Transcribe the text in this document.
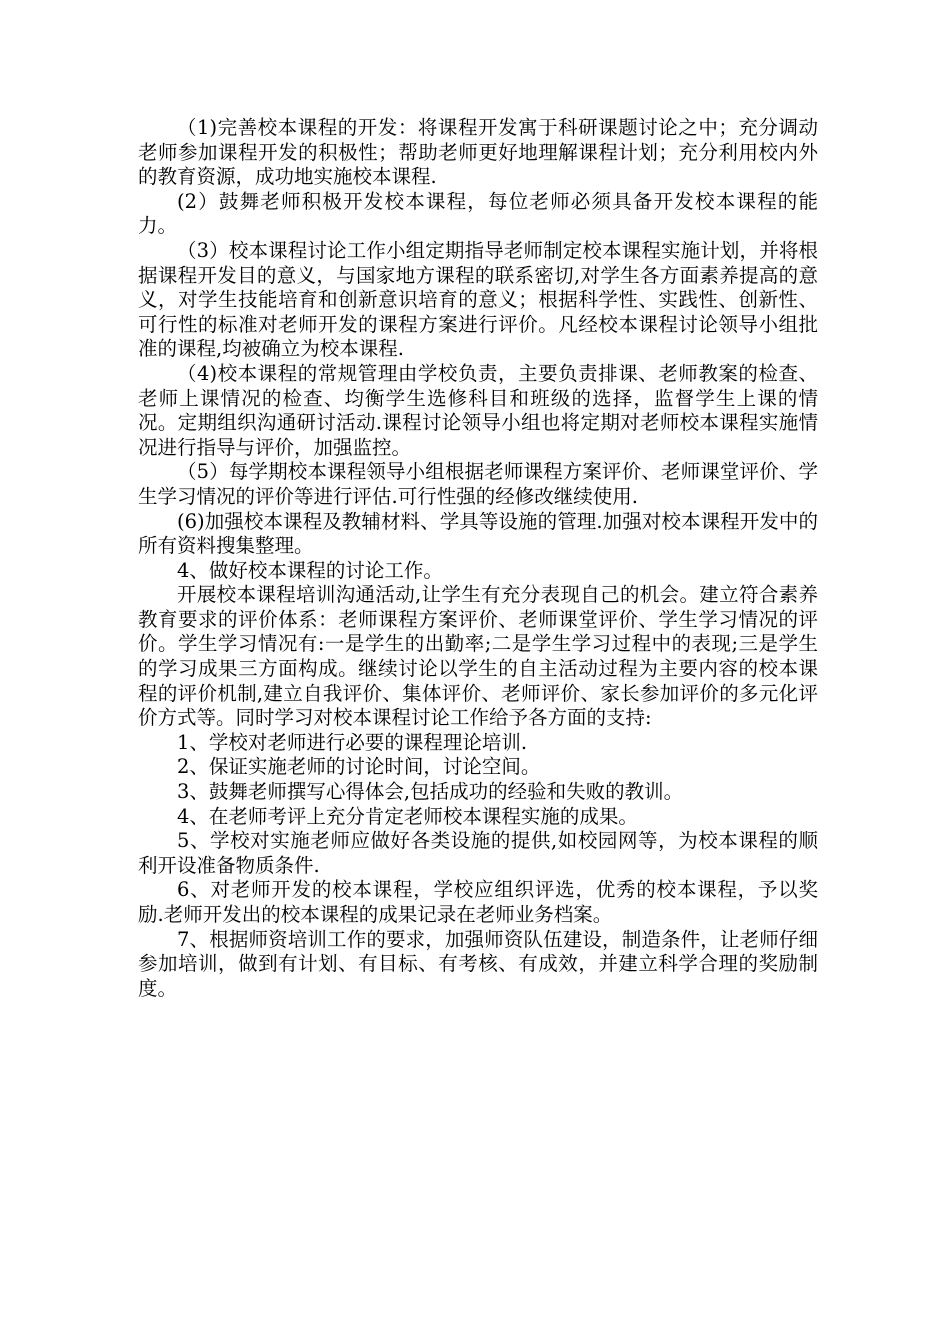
（1)完善校本课程的开发：将课程开发寓于科研课题讨论之中；充分调动老师参加课程开发的积极性；帮助老师更好地理解课程计划；充分利用校内外的教育资源，成功地实施校本课程.

(2）鼓舞老师积极开发校本课程，每位老师必须具备开发校本课程的能力。

（3）校本课程讨论工作小组定期指导老师制定校本课程实施计划，并将根据课程开发目的意义，与国家地方课程的联系密切,对学生各方面素养提高的意义，对学生技能培育和创新意识培育的意义；根据科学性、实践性、创新性、可行性的标准对老师开发的课程方案进行评价。凡经校本课程讨论领导小组批准的课程,均被确立为校本课程.

（4)校本课程的常规管理由学校负责，主要负责排课、老师教案的检查、老师上课情况的检查、均衡学生选修科目和班级的选择，监督学生上课的情况。定期组织沟通研讨活动.课程讨论领导小组也将定期对老师校本课程实施情况进行指导与评价，加强监控。

（5）每学期校本课程领导小组根据老师课程方案评价、老师课堂评价、学生学习情况的评价等进行评估.可行性强的经修改继续使用.

(6)加强校本课程及教辅材料、学具等设施的管理.加强对校本课程开发中的所有资料搜集整理。

4、做好校本课程的讨论工作。

开展校本课程培训沟通活动,让学生有充分表现自己的机会。建立符合素养教育要求的评价体系：老师课程方案评价、老师课堂评价、学生学习情况的评价。学生学习情况有:一是学生的出勤率;二是学生学习过程中的表现;三是学生的学习成果三方面构成。继续讨论以学生的自主活动过程为主要内容的校本课程的评价机制,建立自我评价、集体评价、老师评价、家长参加评价的多元化评价方式等。同时学习对校本课程讨论工作给予各方面的支持:

1、学校对老师进行必要的课程理论培训.

2、保证实施老师的讨论时间，讨论空间。

3、鼓舞老师撰写心得体会,包括成功的经验和失败的教训。

4、在老师考评上充分肯定老师校本课程实施的成果。

5、学校对实施老师应做好各类设施的提供,如校园网等，为校本课程的顺利开设准备物质条件.

6、对老师开发的校本课程，学校应组织评选，优秀的校本课程，予以奖励.老师开发出的校本课程的成果记录在老师业务档案。

7、根据师资培训工作的要求，加强师资队伍建设，制造条件，让老师仔细参加培训，做到有计划、有目标、有考核、有成效，并建立科学合理的奖励制度。
